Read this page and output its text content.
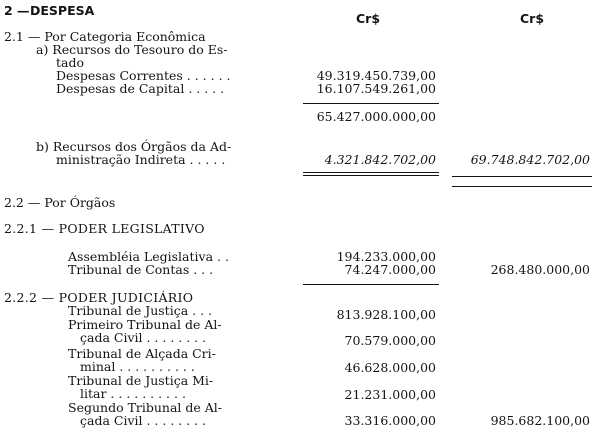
2 — DESPESA
Cr$	Cr$
2.1 — Por Categoria Econômica
a) Recursos do Tesouro do Es-
tado
Despesas Correntes . . . . . .	49.319.450.739,00
Despesas de Capital . . . . .	16.107.549.261,00
65.427.000.000,00
b) Recursos dos Órgãos da Ad-
ministração Indireta . . . . .	4.321.842.702,00	69.748.842.702,00
2.2 — Por Órgãos
2.2.1 — PODER LEGISLATIVO
Assembléia Legislativa . .	194.233.000,00
Tribunal de Contas . . .	74.247.000,00	268.480.000,00
2.2.2 — PODER JUDICIÁRIO
Tribunal de Justiça . . .	813.928.100,00
Primeiro Tribunal de Al-
çada Civil . . . . . . . .	70.579.000,00
Tribunal de Alçada Cri-
minal . . . . . . . . . .	46.628.000,00
Tribunal de Justiça Mi-
litar . . . . . . . . . .	21.231.000,00
Segundo Tribunal de Al-
çada Civil . . . . . . . .	33.316.000,00	985.682.100,00
